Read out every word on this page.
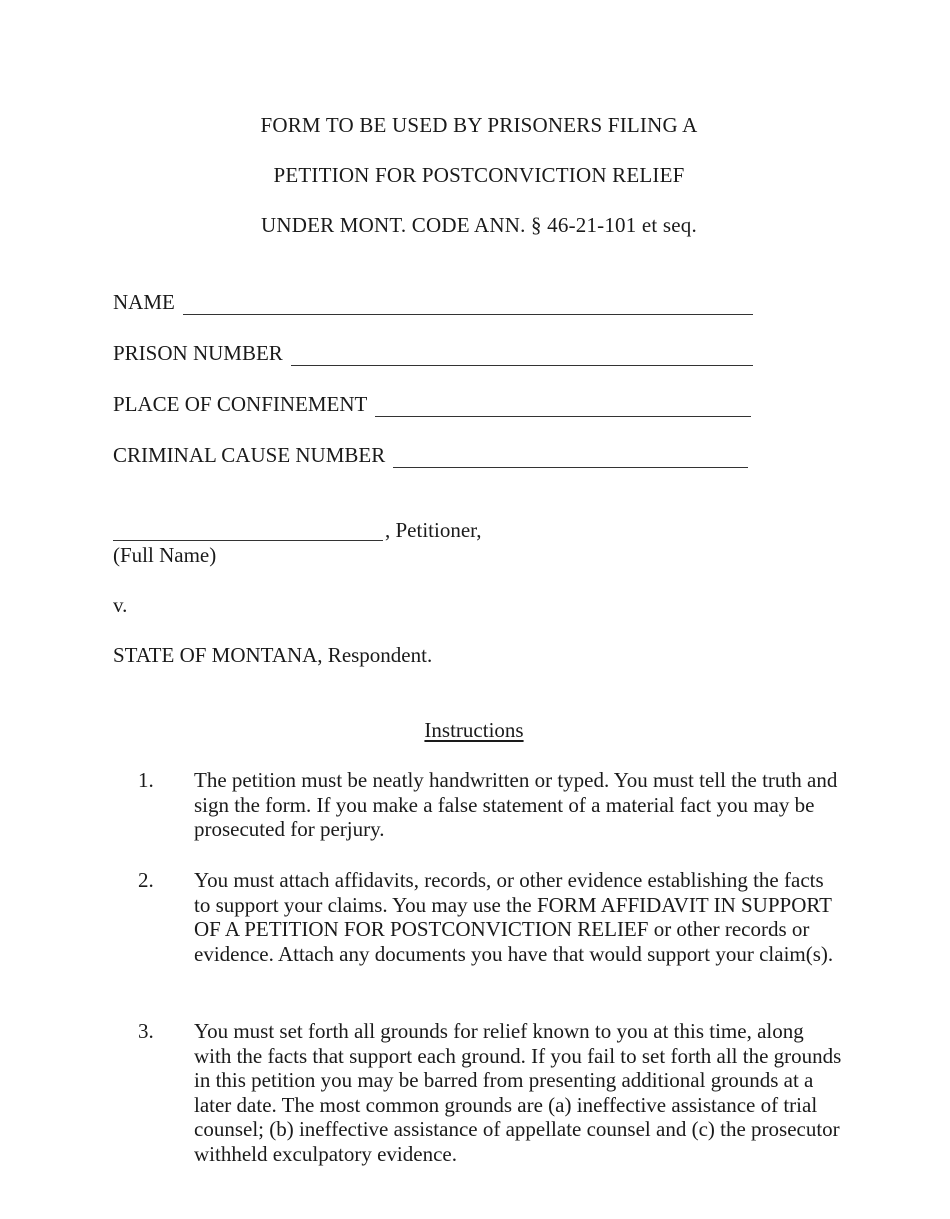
FORM TO BE USED BY PRISONERS FILING A
PETITION FOR POSTCONVICTION RELIEF
UNDER MONT. CODE ANN. § 46-21-101 et seq.
NAME
PRISON NUMBER
PLACE OF CONFINEMENT
CRIMINAL CAUSE NUMBER
, Petitioner,
(Full Name)
v.
STATE OF MONTANA, Respondent.
Instructions
1. The petition must be neatly handwritten or typed. You must tell the truth and sign the form. If you make a false statement of a material fact you may be prosecuted for perjury.
2. You must attach affidavits, records, or other evidence establishing the facts to support your claims. You may use the FORM AFFIDAVIT IN SUPPORT OF A PETITION FOR POSTCONVICTION RELIEF or other records or evidence. Attach any documents you have that would support your claim(s).
3. You must set forth all grounds for relief known to you at this time, along with the facts that support each ground. If you fail to set forth all the grounds in this petition you may be barred from presenting additional grounds at a later date. The most common grounds are (a) ineffective assistance of trial counsel; (b) ineffective assistance of appellate counsel and (c) the prosecutor withheld exculpatory evidence.
